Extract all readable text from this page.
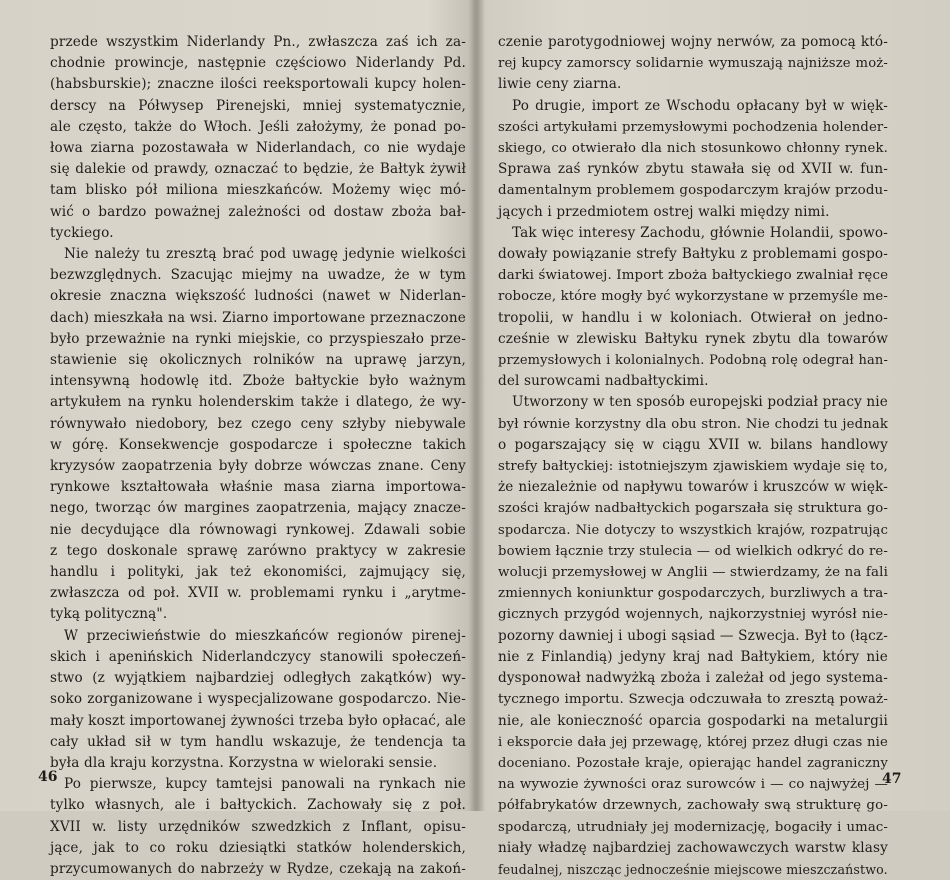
przede wszystkim Niderlandy Pn., zwłaszcza zaś ich za-
chodnie prowincje, następnie częściowo Niderlandy Pd.
(habsburskie); znaczne ilości reeksportowali kupcy holen-
derscy na Półwysep Pirenejski, mniej systematycznie,
ale często, także do Włoch. Jeśli założymy, że ponad po-
łowa ziarna pozostawała w Niderlandach, co nie wydaje
się dalekie od prawdy, oznaczać to będzie, że Bałtyk żywił
tam blisko pół miliona mieszkańców. Możemy więc mó-
wić o bardzo poważnej zależności od dostaw zboża bał-
tyckiego.
Nie należy tu zresztą brać pod uwagę jedynie wielkości
bezwzględnych. Szacując miejmy na uwadze, że w tym
okresie znaczna większość ludności (nawet w Niderlan-
dach) mieszkała na wsi. Ziarno importowane przeznaczone
było przeważnie na rynki miejskie, co przyspieszało prze-
stawienie się okolicznych rolników na uprawę jarzyn,
intensywną hodowlę itd. Zboże bałtyckie było ważnym
artykułem na rynku holenderskim także i dlatego, że wy-
równywało niedobory, bez czego ceny szłyby niebywale
w górę. Konsekwencje gospodarcze i społeczne takich
kryzysów zaopatrzenia były dobrze wówczas znane. Ceny
rynkowe kształtowała właśnie masa ziarna importowa-
nego, tworząc ów margines zaopatrzenia, mający znacze-
nie decydujące dla równowagi rynkowej. Zdawali sobie
z tego doskonale sprawę zarówno praktycy w zakresie
handlu i polityki, jak też ekonomiści, zajmujący się,
zwłaszcza od poł. XVII w. problemami rynku i „arytme-
tyką polityczną".
W przeciwieństwie do mieszkańców regionów pirenej-
skich i apenińskich Niderlandczycy stanowili społeczeń-
stwo (z wyjątkiem najbardziej odległych zakątków) wy-
soko zorganizowane i wyspecjalizowane gospodarczo. Nie-
mały koszt importowanej żywności trzeba było opłacać, ale
cały układ sił w tym handlu wskazuje, że tendencja ta
była dla kraju korzystna. Korzystna w wieloraki sensie.
Po pierwsze, kupcy tamtejsi panowali na rynkach nie
tylko własnych, ale i bałtyckich. Zachowały się z poł.
XVII w. listy urzędników szwedzkich z Inflant, opisu-
jące, jak to co roku dziesiątki statków holenderskich,
przycumowanych do nabrzeży w Rydze, czekają na zakoń-
46
czenie parotygodniowej wojny nerwów, za pomocą któ-
rej kupcy zamorscy solidarnie wymuszają najniższe moż-
liwie ceny ziarna.
Po drugie, import ze Wschodu opłacany był w więk-
szości artykułami przemysłowymi pochodzenia holender-
skiego, co otwierało dla nich stosunkowo chłonny rynek.
Sprawa zaś rynków zbytu stawała się od XVII w. fun-
damentalnym problemem gospodarczym krajów przodu-
jących i przedmiotem ostrej walki między nimi.
Tak więc interesy Zachodu, głównie Holandii, spowo-
dowały powiązanie strefy Bałtyku z problemami gospo-
darki światowej. Import zboża bałtyckiego zwalniał ręce
robocze, które mogły być wykorzystane w przemyśle me-
tropolii, w handlu i w koloniach. Otwierał on jedno-
cześnie w zlewisku Bałtyku rynek zbytu dla towarów
przemysłowych i kolonialnych. Podobną rolę odegrał han-
del surowcami nadbałtyckimi.
Utworzony w ten sposób europejski podział pracy nie
był równie korzystny dla obu stron. Nie chodzi tu jednak
o pogarszający się w ciągu XVII w. bilans handlowy
strefy bałtyckiej: istotniejszym zjawiskiem wydaje się to,
że niezależnie od napływu towarów i kruszców w więk-
szości krajów nadbałtyckich pogarszała się struktura go-
spodarcza. Nie dotyczy to wszystkich krajów, rozpatrując
bowiem łącznie trzy stulecia — od wielkich odkryć do re-
wolucji przemysłowej w Anglii — stwierdzamy, że na fali
zmiennych koniunktur gospodarczych, burzliwych a tra-
gicznych przygód wojennych, najkorzystniej wyrósł nie-
pozorny dawniej i ubogi sąsiad — Szwecja. Był to (łącz-
nie z Finlandią) jedyny kraj nad Bałtykiem, który nie
dysponował nadwyżką zboża i zależał od jego systema-
tycznego importu. Szwecja odczuwała to zresztą poważ-
nie, ale konieczność oparcia gospodarki na metalurgii
i eksporcie dała jej przewagę, której przez długi czas nie
doceniano. Pozostałe kraje, opierając handel zagraniczny
na wywozie żywności oraz surowców i — co najwyżej —
półfabrykatów drzewnych, zachowały swą strukturę go-
spodarczą, utrudniały jej modernizację, bogaciły i umac-
niały władzę najbardziej zachowawczych warstw klasy
feudalnej, niszcząc jednocześnie miejscowe mieszczaństwo.
47
